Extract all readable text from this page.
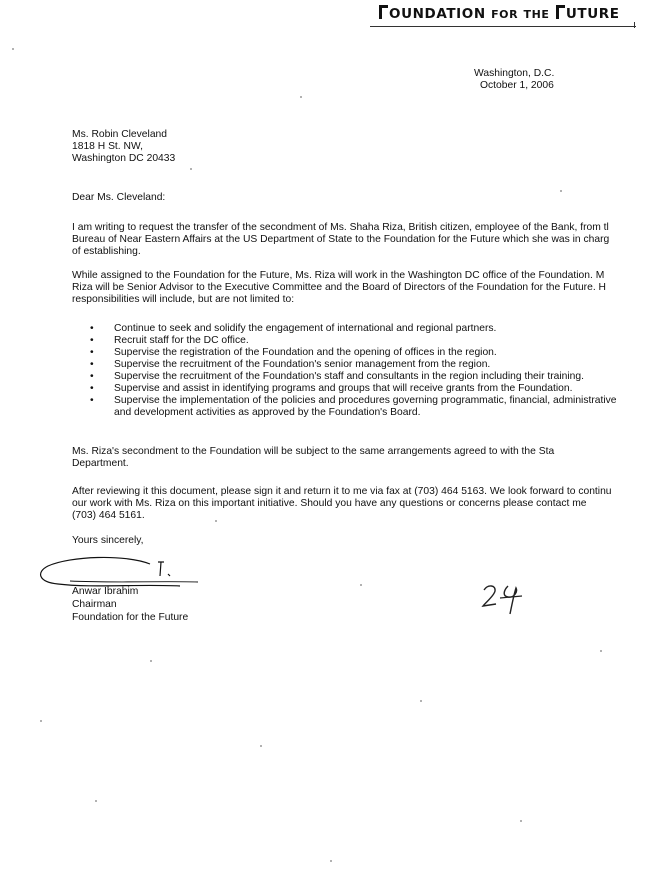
OUNDATION FOR THE UTURE
Washington, D.C.
October 1, 2006
Ms. Robin Cleveland
1818 H St. NW,
Washington DC 20433
Dear Ms. Cleveland:
I am writing to request the transfer of the secondment of Ms. Shaha Riza, British citizen, employee of the Bank, from tl
Bureau of Near Eastern Affairs at the US Department of State to the Foundation for the Future which she was in charg
of establishing.
While assigned to the Foundation for the Future, Ms. Riza will work in the Washington DC office of the Foundation. M
Riza will be Senior Advisor to the Executive Committee and the Board of Directors of the Foundation for the Future. H
responsibilities will include, but are not limited to:
• Continue to seek and solidify the engagement of international and regional partners.
• Recruit staff for the DC office.
• Supervise the registration of the Foundation and the opening of offices in the region.
• Supervise the recruitment of the Foundation's senior management from the region.
• Supervise the recruitment of the Foundation's staff and consultants in the region including their training.
• Supervise and assist in identifying programs and groups that will receive grants from the Foundation.
• Supervise the implementation of the policies and procedures governing programmatic, financial, administrative
and development activities as approved by the Foundation's Board.
Ms. Riza's secondment to the Foundation will be subject to the same arrangements agreed to with the Sta
Department.
After reviewing it this document, please sign it and return it to me via fax at (703) 464 5163. We look forward to continu
our work with Ms. Riza on this important initiative. Should you have any questions or concerns please contact me
(703) 464 5161.
Yours sincerely,
Anwar Ibrahim
Chairman
Foundation for the Future
